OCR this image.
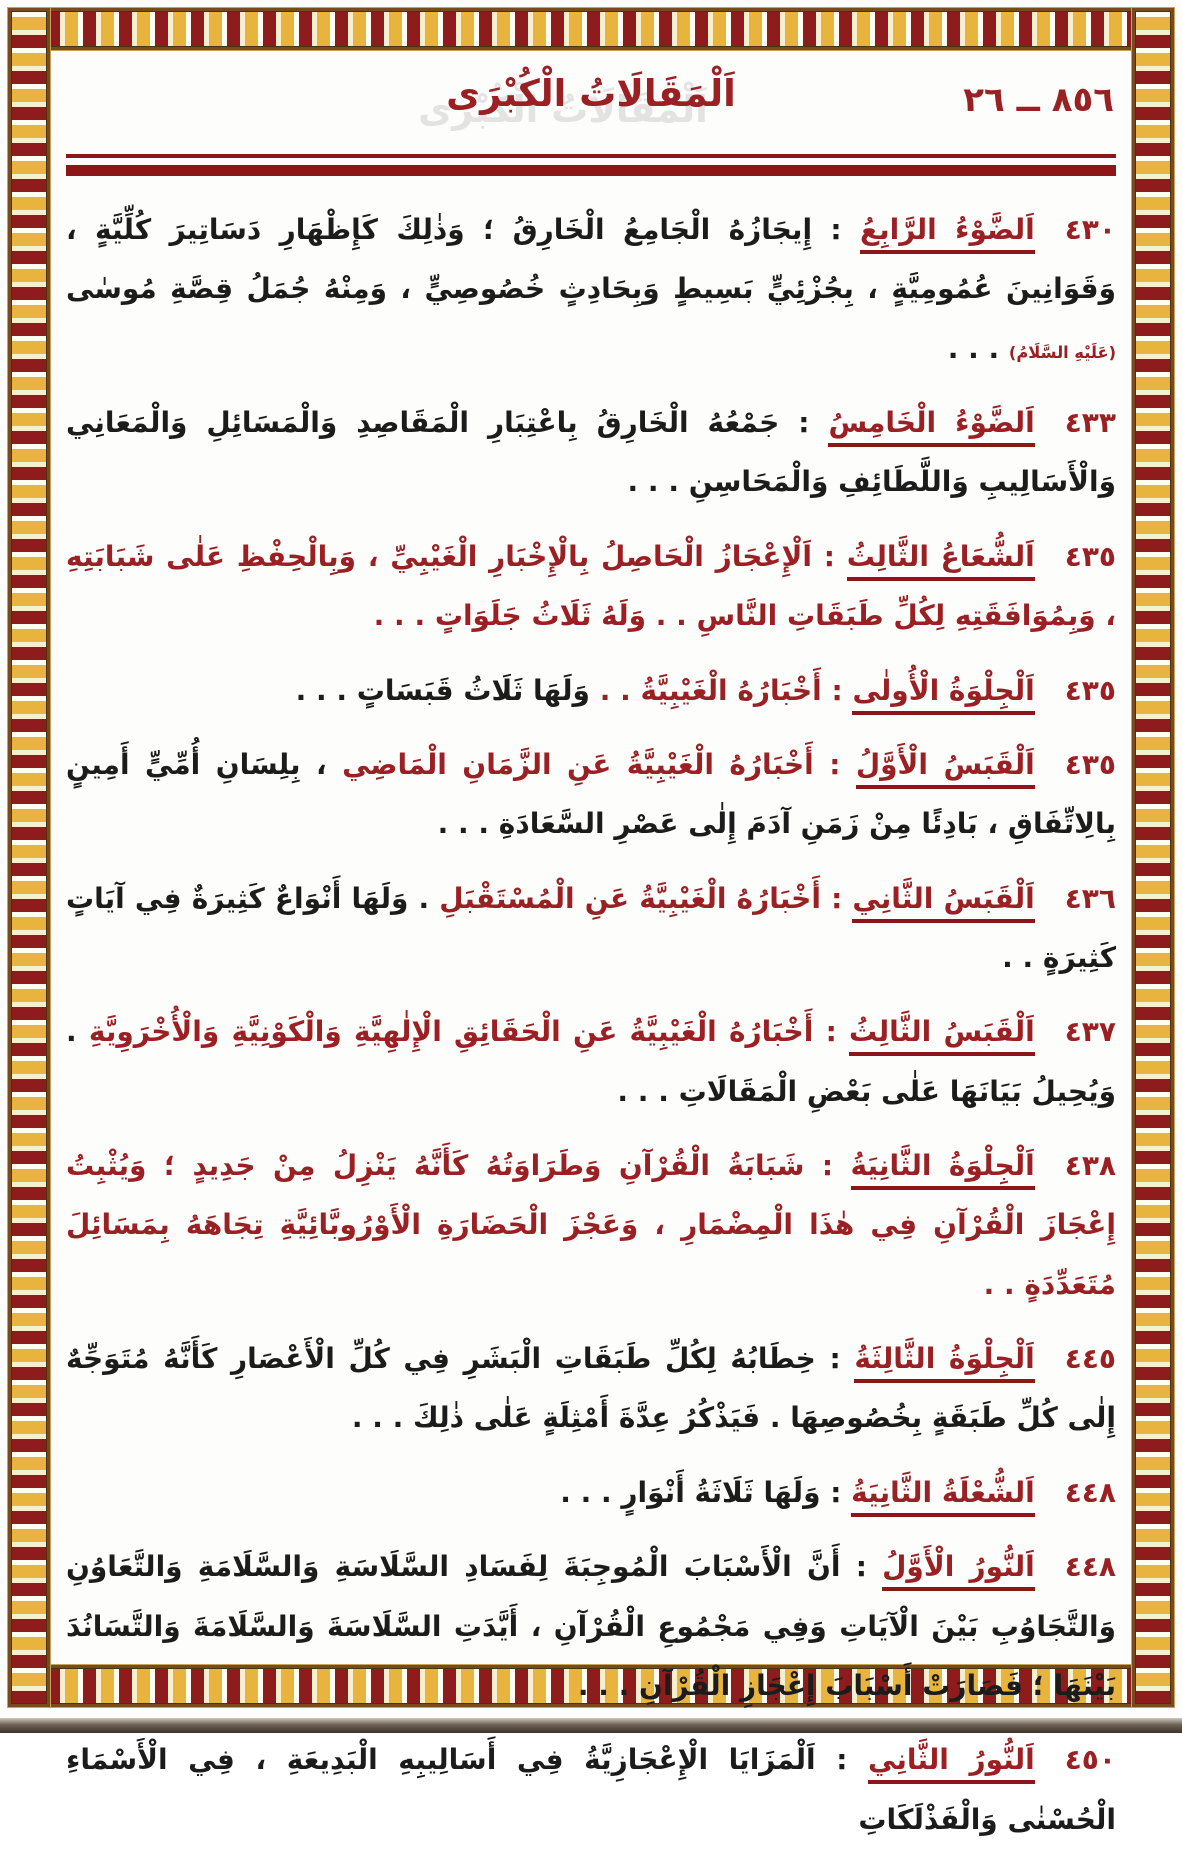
٨٥٦ ــ ٢٦
اَلْمَقَالَاتُ الْكُبْرَى
٤٣٠اَلضَّوْءُ الرَّابِعُ : إِيجَازُهُ الْجَامِعُ الْخَارِقُ ؛ وَذٰلِكَ كَإِظْهَارِ دَسَاتِيرَ كُلِّيَّةٍ ، وَقَوَانِينَ عُمُومِيَّةٍ ، بِجُزْئِيٍّ بَسِيطٍ وَبِحَادِثٍ خُصُوصِيٍّ ، وَمِنْهُ جُمَلُ قِصَّةِ مُوسٰى (عَلَيْهِ السَّلَامُ) . . .
٤٣٣اَلضَّوْءُ الْخَامِسُ : جَمْعُهُ الْخَارِقُ بِاعْتِبَارِ الْمَقَاصِدِ وَالْمَسَائِلِ وَالْمَعَانِي وَالْأَسَالِيبِ وَاللَّطَائِفِ وَالْمَحَاسِنِ . . .
٤٣٥اَلشُّعَاعُ الثَّالِثُ : اَلْإِعْجَازُ الْحَاصِلُ بِالْإِخْبَارِ الْغَيْبِيِّ ، وَبِالْحِفْظِ عَلٰى شَبَابَتِهِ ، وَبِمُوَافَقَتِهِ لِكُلِّ طَبَقَاتِ النَّاسِ . . وَلَهُ ثَلَاثُ جَلَوَاتٍ . . .
٤٣٥اَلْجِلْوَةُ الْأُولٰى : أَخْبَارُهُ الْغَيْبِيَّةُ . . وَلَهَا ثَلَاثُ قَبَسَاتٍ . . .
٤٣٥اَلْقَبَسُ الْأَوَّلُ : أَخْبَارُهُ الْغَيْبِيَّةُ عَنِ الزَّمَانِ الْمَاضِي ، بِلِسَانِ أُمِّيٍّ أَمِينٍ بِالِاتِّفَاقِ ، بَادِئًا مِنْ زَمَنِ آدَمَ إِلٰى عَصْرِ السَّعَادَةِ . . .
٤٣٦اَلْقَبَسُ الثَّانِي : أَخْبَارُهُ الْغَيْبِيَّةُ عَنِ الْمُسْتَقْبَلِ . وَلَهَا أَنْوَاعٌ كَثِيرَةٌ فِي آيَاتٍ كَثِيرَةٍ . .
٤٣٧اَلْقَبَسُ الثَّالِثُ : أَخْبَارُهُ الْغَيْبِيَّةُ عَنِ الْحَقَائِقِ الْإِلٰهِيَّةِ وَالْكَوْنِيَّةِ وَالْأُخْرَوِيَّةِ . وَيُحِيلُ بَيَانَهَا عَلٰى بَعْضِ الْمَقَالَاتِ . . .
٤٣٨اَلْجِلْوَةُ الثَّانِيَةُ : شَبَابَةُ الْقُرْآنِ وَطَرَاوَتُهُ كَأَنَّهُ يَنْزِلُ مِنْ جَدِيدٍ ؛ وَيُثْبِتُ إِعْجَازَ الْقُرْآنِ فِي هٰذَا الْمِضْمَارِ ، وَعَجْزَ الْحَضَارَةِ الْأَوْرُوبَّائِيَّةِ تِجَاهَهُ بِمَسَائِلَ مُتَعَدِّدَةٍ . .
٤٤٥اَلْجِلْوَةُ الثَّالِثَةُ : خِطَابُهُ لِكُلِّ طَبَقَاتِ الْبَشَرِ فِي كُلِّ الْأَعْصَارِ كَأَنَّهُ مُتَوَجِّهٌ إِلٰى كُلِّ طَبَقَةٍ بِخُصُوصِهَا . فَيَذْكُرُ عِدَّةَ أَمْثِلَةٍ عَلٰى ذٰلِكَ . . .
٤٤٨اَلشُّعْلَةُ الثَّانِيَةُ : وَلَهَا ثَلَاثَةُ أَنْوَارٍ . . .
٤٤٨اَلنُّورُ الْأَوَّلُ : أَنَّ الْأَسْبَابَ الْمُوجِبَةَ لِفَسَادِ السَّلَاسَةِ وَالسَّلَامَةِ وَالتَّعَاوُنِ وَالتَّجَاوُبِ بَيْنَ الْآيَاتِ وَفِي مَجْمُوعِ الْقُرْآنِ ، أَيَّدَتِ السَّلَاسَةَ وَالسَّلَامَةَ وَالتَّسَانُدَ بَيْنَهَا ؛ فَصَارَتْ أَسْبَابَ إِعْجَازِ الْقُرْآنِ . . .
٤٥٠اَلنُّورُ الثَّانِي : اَلْمَزَايَا الْإِعْجَازِيَّةُ فِي أَسَالِيبِهِ الْبَدِيعَةِ ، فِي الْأَسْمَاءِ الْحُسْنٰى وَالْفَذْلَكَاتِ
